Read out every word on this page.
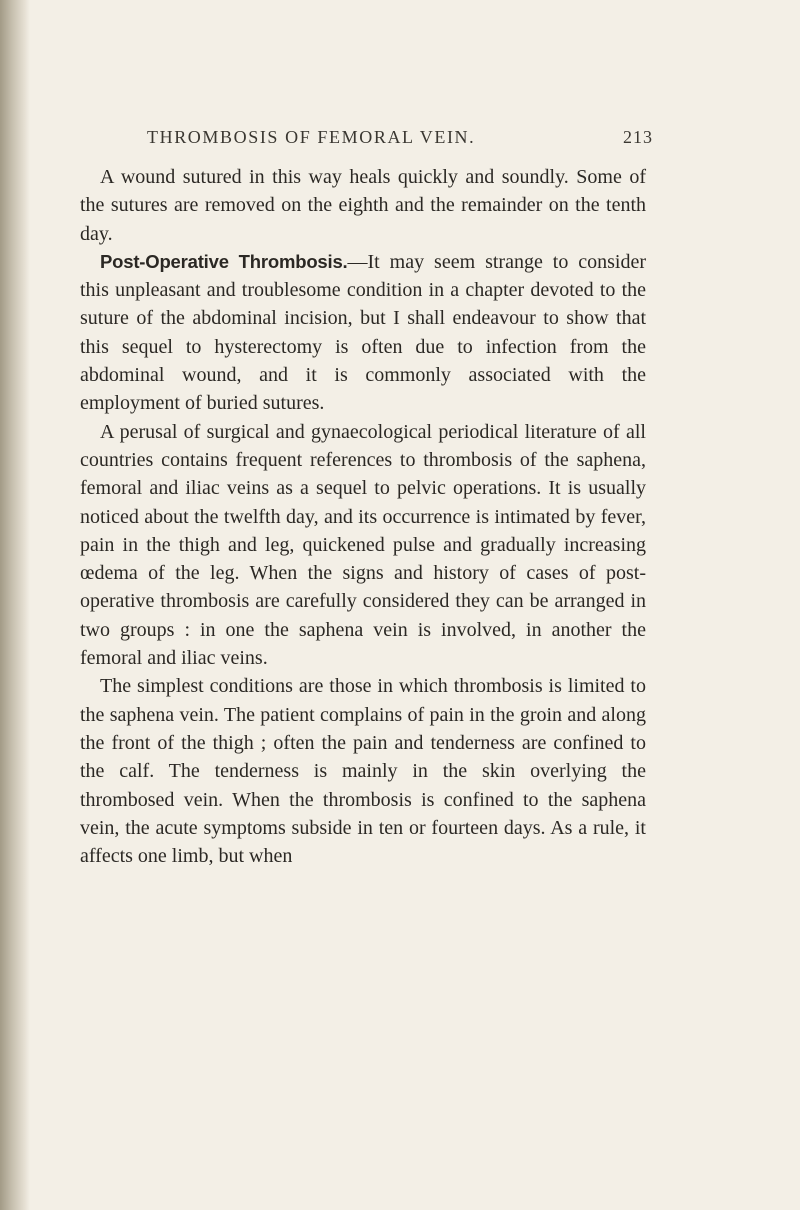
THROMBOSIS OF FEMORAL VEIN.	213

A wound sutured in this way heals quickly and soundly. Some of the sutures are removed on the eighth and the remainder on the tenth day.

Post-Operative Thrombosis.—It may seem strange to consider this unpleasant and troublesome condition in a chapter devoted to the suture of the abdominal incision, but I shall endeavour to show that this sequel to hysterectomy is often due to infection from the abdominal wound, and it is commonly associated with the employment of buried sutures.

A perusal of surgical and gynaecological periodical literature of all countries contains frequent references to thrombosis of the saphena, femoral and iliac veins as a sequel to pelvic operations. It is usually noticed about the twelfth day, and its occurrence is intimated by fever, pain in the thigh and leg, quickened pulse and gradually increasing œdema of the leg. When the signs and history of cases of post-operative thrombosis are carefully considered they can be arranged in two groups : in one the saphena vein is involved, in another the femoral and iliac veins.

The simplest conditions are those in which thrombosis is limited to the saphena vein. The patient complains of pain in the groin and along the front of the thigh ; often the pain and tenderness are confined to the calf. The tenderness is mainly in the skin overlying the thrombosed vein. When the thrombosis is confined to the saphena vein, the acute symptoms subside in ten or fourteen days. As a rule, it affects one limb, but when
